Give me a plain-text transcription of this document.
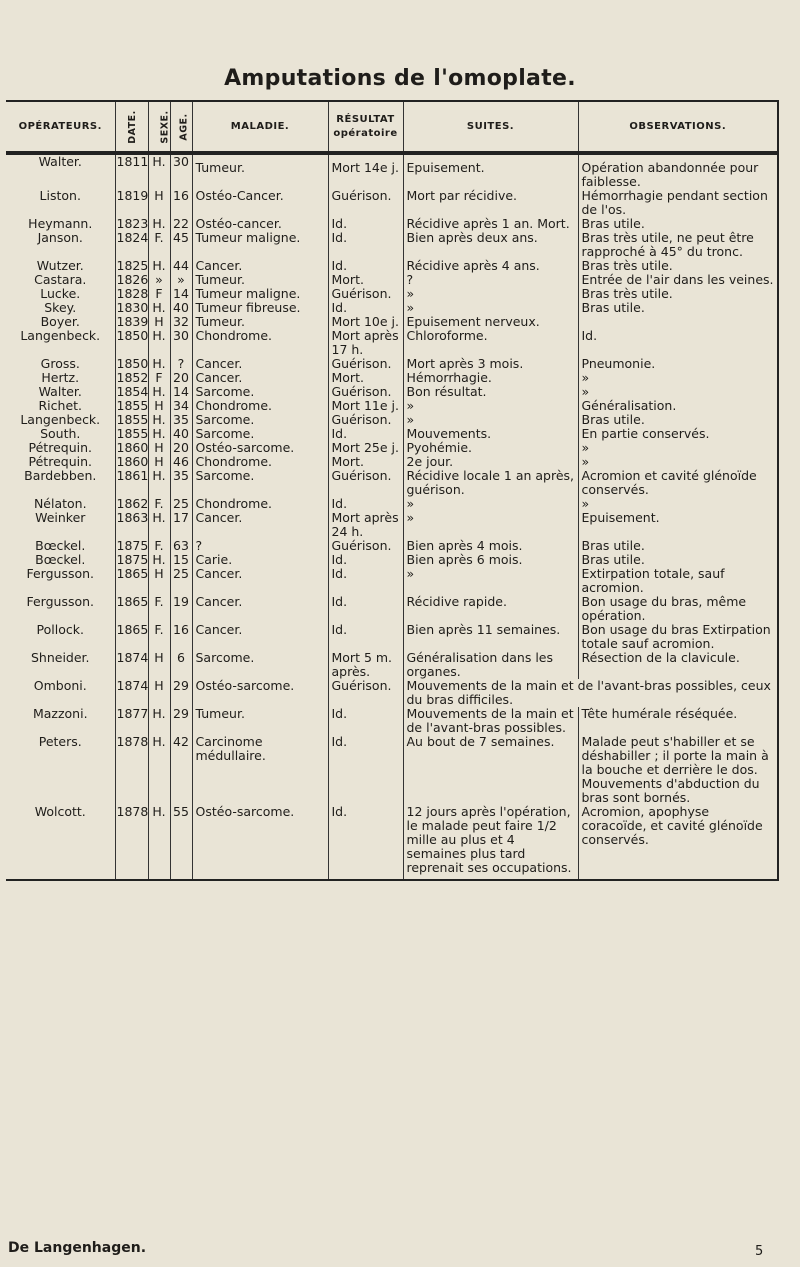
Amputations de l'omoplate.
OPÉRATEURS.	DATE.	SEXE.	AGE.	MALADIE.	RÉSULTAT opératoire	SUITES.	OBSERVATIONS.
Walter.	1811	H.	30	Tumeur.	Mort 14e j.	Epuisement.	Opération abandonnée pour faiblesse.
Liston.	1819	H	16	Ostéo-Cancer.	Guérison.	Mort par récidive.	Hémorrhagie pendant section de l'os.
Heymann.	1823	H.	22	Ostéo-cancer.	Id.	Récidive après 1 an. Mort.	Bras utile.
Janson.	1824	F.	45	Tumeur maligne.	Id.	Bien après deux ans.	Bras très utile, ne peut être rapproché à 45° du tronc.
Wutzer.	1825	H.	44	Cancer.	Id.	Récidive après 4 ans.	Bras très utile.
Castara.	1826	»	»	Tumeur.	Mort.	?	Entrée de l'air dans les veines.
Lucke.	1828	F	14	Tumeur maligne.	Guérison.	»	Bras très utile.
Skey.	1830	H.	40	Tumeur fibreuse.	Id.	»	Bras utile.
Boyer.	1839	H	32	Tumeur.	Mort 10e j.	Epuisement nerveux.	
Langenbeck.	1850	H.	30	Chondrome.	Mort après 17 h.	Chloroforme.	Id.
Gross.	1850	H.	?	Cancer.	Guérison.	Mort après 3 mois.	Pneumonie.
Hertz.	1852	F	20	Cancer.	Mort.	Hémorrhagie.	»
Walter.	1854	H.	14	Sarcome.	Guérison.	Bon résultat.	»
Richet.	1855	H	34	Chondrome.	Mort 11e j.	»	Généralisation.
Langenbeck.	1855	H.	35	Sarcome.	Guérison.	»	Bras utile.
South.	1855	H.	40	Sarcome.	Id.	Mouvements.	En partie conservés.
Pétrequin.	1860	H	20	Ostéo-sarcome.	Mort 25e j.	Pyohémie.	»
Pétrequin.	1860	H	46	Chondrome.	Mort.	2e jour.	»
Bardebben.	1861	H.	35	Sarcome.	Guérison.	Récidive locale 1 an après, guérison.	Acromion et cavité glénoïde conservés.
Nélaton.	1862	F.	25	Chondrome.	Id.	»	»
Weinker	1863	H.	17	Cancer.	Mort après 24 h.	»	Epuisement.
Bœckel.	1875	F.	63	?	Guérison.	Bien après 4 mois.	Bras utile.
Bœckel.	1875	H.	15	Carie.	Id.	Bien après 6 mois.	Bras utile.
Fergusson.	1865	H	25	Cancer.	Id.	»	Extirpation totale, sauf acromion.
Fergusson.	1865	F.	19	Cancer.	Id.	Récidive rapide.	Bon usage du bras, même opération.
Pollock.	1865	F.	16	Cancer.	Id.	Bien après 11 semaines.	Bon usage du bras Extirpation totale sauf acromion.
Shneider.	1874	H	6	Sarcome.	Mort 5 m. après.	Généralisation dans les organes.	Résection de la clavicule.
Omboni.	1874	H	29	Ostéo-sarcome.	Guérison.	Mouvements de la main et de l'avant-bras possibles, ceux du bras difficiles.	
Mazzoni.	1877	H.	29	Tumeur.	Id.	Mouvements de la main et de l'avant-bras possibles.	Tête humérale réséquée.
Peters.	1878	H.	42	Carcinome médullaire.	Id.	Au bout de 7 semaines.	Malade peut s'habiller et se déshabiller ; il porte la main à la bouche et derrière le dos. Mouvements d'abduction du bras sont bornés.
Wolcott.	1878	H.	55	Ostéo-sarcome.	Id.	12 jours après l'opération, le malade peut faire 1/2 mille au plus et 4 semaines plus tard reprenait ses occupations.	Acromion, apophyse coracoïde, et cavité glénoïde conservés.
De Langenhagen.	5
